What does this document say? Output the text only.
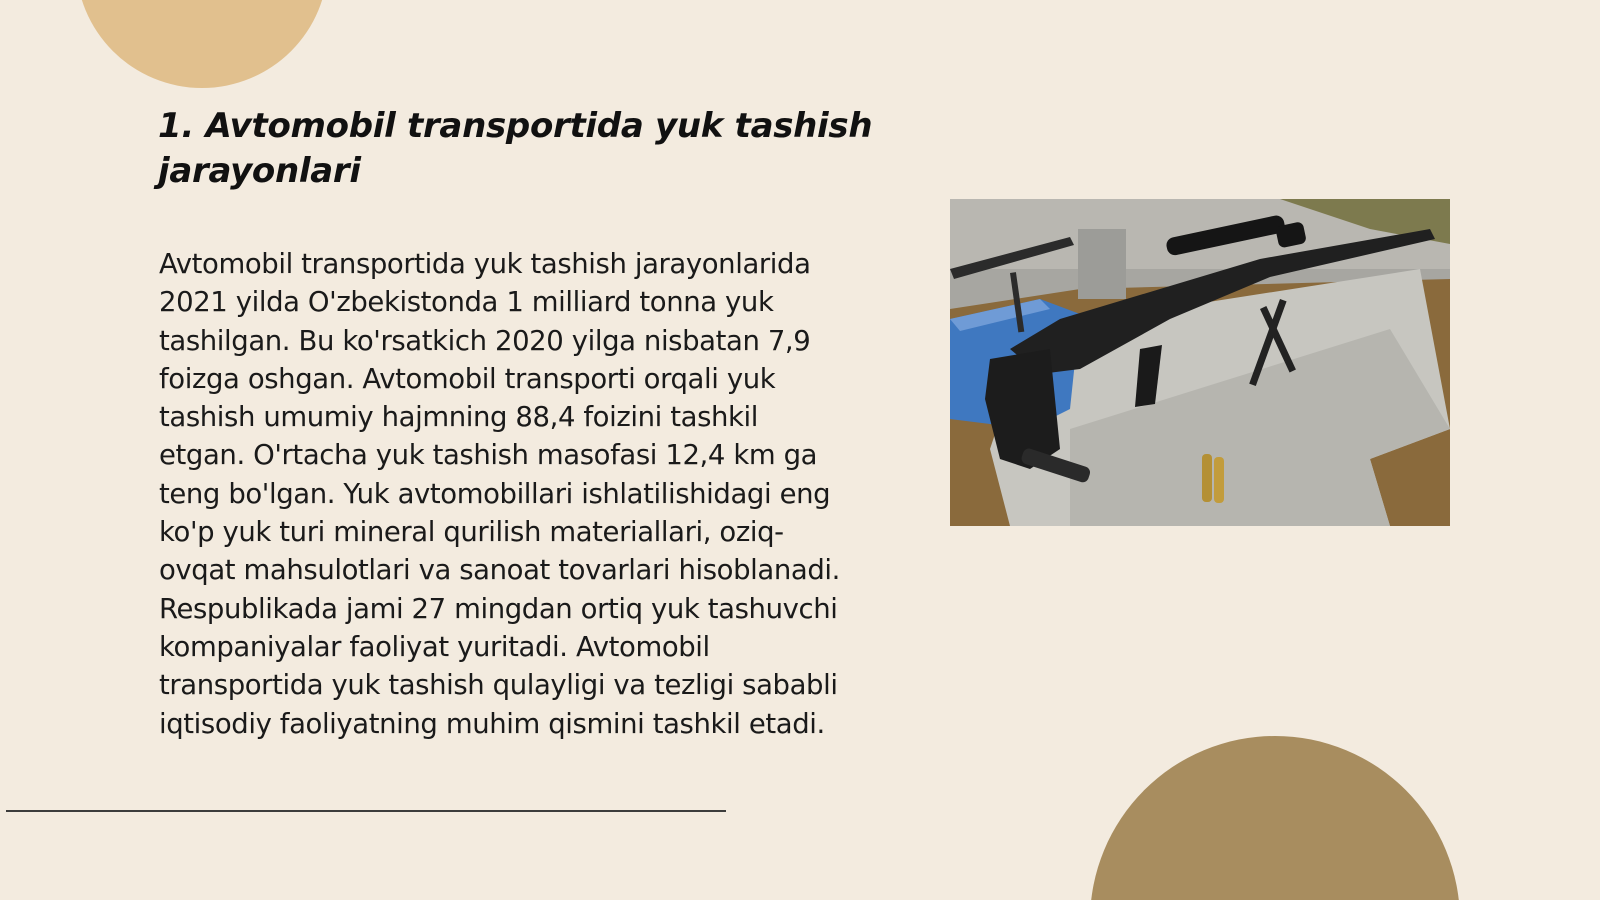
1. Avtomobil transportida yuk tashish jarayonlari

Avtomobil transportida yuk tashish jarayonlarida 2021 yilda O'zbekistonda 1 milliard tonna yuk tashilgan. Bu ko'rsatkich 2020 yilga nisbatan 7,9 foizga oshgan. Avtomobil transporti orqali yuk tashish umumiy hajmning 88,4 foizini tashkil etgan. O'rtacha yuk tashish masofasi 12,4 km ga teng bo'lgan. Yuk avtomobillari ishlatilishidagi eng ko'p yuk turi mineral qurilish materiallari, oziq-ovqat mahsulotlari va sanoat tovarlari hisoblanadi. Respublikada jami 27 mingdan ortiq yuk tashuvchi kompaniyalar faoliyat yuritadi. Avtomobil transportida yuk tashish qulayligi va tezligi sababli iqtisodiy faoliyatning muhim qismini tashkil etadi.
